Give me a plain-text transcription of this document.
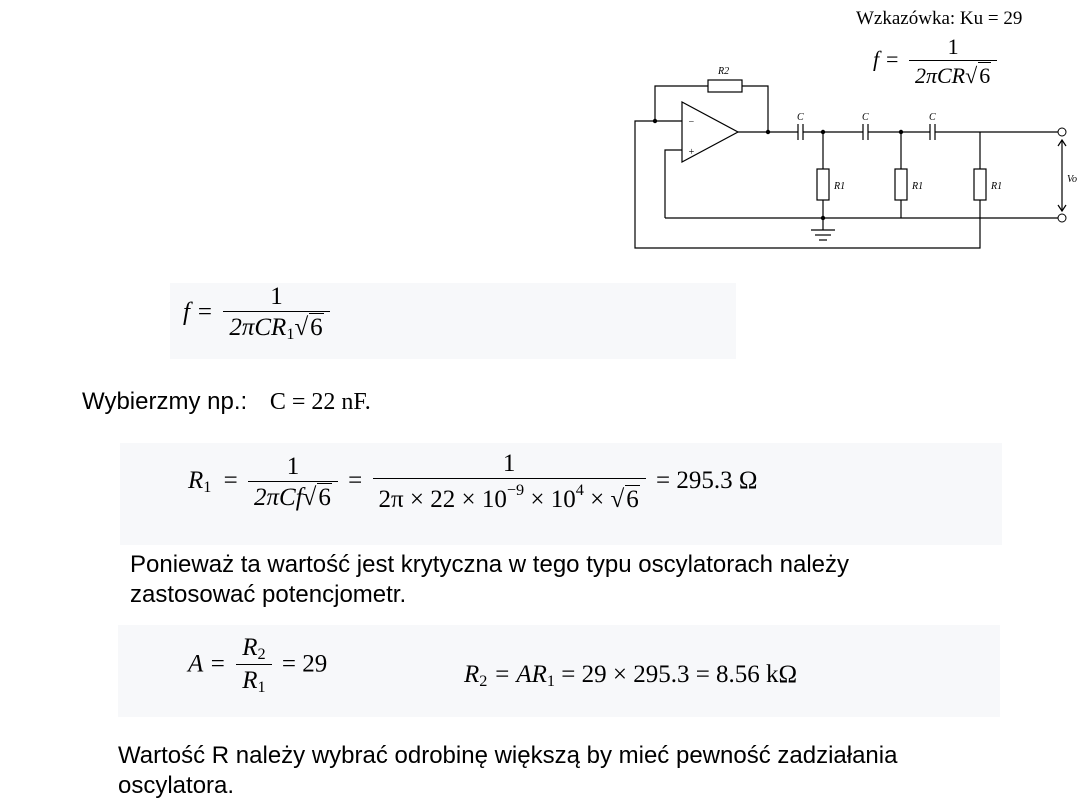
Wzkazówka: Ku = 29
$f = \frac{1}{\text{2πCR√6}}$
R2
−
+
C	C	C
R1	R1	R1
Vo
$f = \frac{1}{2\pi CR_1√6}$
Wybierzmy np.: C = 22 nF.
$R_1 = \frac{1}{\text{2πCf√6}} = \frac{1}{2\pi \times 22 \times 10^{-9} \times 10^4 \times √6} = 295.3$ Ω
Ponieważ ta wartość jest krytyczna w tego typu oscylatorach należy
zastosować potencjometr.
$A = \frac{R_2}{R_1} = 29$	$R_2 = AR_1 = 29 \times 295.3 = 8.56$ kΩ
Wartość R należy wybrać odrobinę większą by mieć pewność zadziałania
oscylatora.
